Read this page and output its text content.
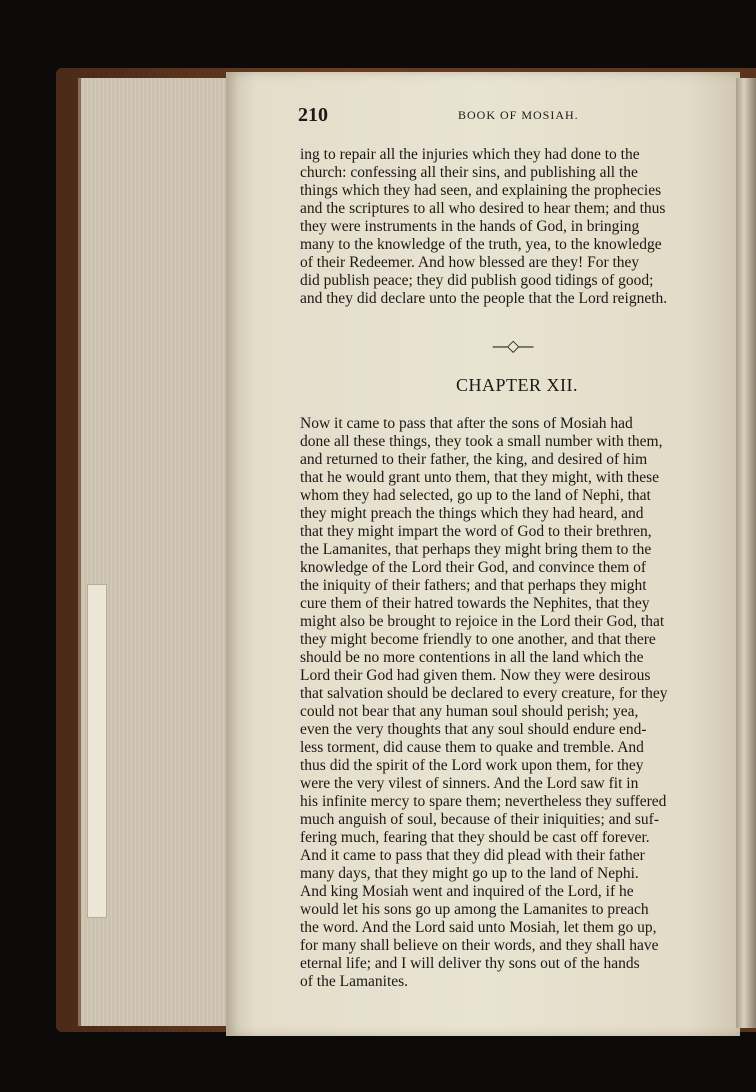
210	BOOK OF MOSIAH.
ing to repair all the injuries which they had done to the
church: confessing all their sins, and publishing all the
things which they had seen, and explaining the prophecies
and the scriptures to all who desired to hear them; and thus
they were instruments in the hands of God, in bringing
many to the knowledge of the truth, yea, to the knowledge
of their Redeemer. And how blessed are they! For they
did publish peace; they did publish good tidings of good;
and they did declare unto the people that the Lord reigneth.
—◇—
CHAPTER XII.
Now it came to pass that after the sons of Mosiah had
done all these things, they took a small number with them,
and returned to their father, the king, and desired of him
that he would grant unto them, that they might, with these
whom they had selected, go up to the land of Nephi, that
they might preach the things which they had heard, and
that they might impart the word of God to their brethren,
the Lamanites, that perhaps they might bring them to the
knowledge of the Lord their God, and convince them of
the iniquity of their fathers; and that perhaps they might
cure them of their hatred towards the Nephites, that they
might also be brought to rejoice in the Lord their God, that
they might become friendly to one another, and that there
should be no more contentions in all the land which the
Lord their God had given them. Now they were desirous
that salvation should be declared to every creature, for they
could not bear that any human soul should perish; yea,
even the very thoughts that any soul should endure end-
less torment, did cause them to quake and tremble. And
thus did the spirit of the Lord work upon them, for they
were the very vilest of sinners. And the Lord saw fit in
his infinite mercy to spare them; nevertheless they suffered
much anguish of soul, because of their iniquities; and suf-
fering much, fearing that they should be cast off forever.
And it came to pass that they did plead with their father
many days, that they might go up to the land of Nephi.
And king Mosiah went and inquired of the Lord, if he
would let his sons go up among the Lamanites to preach
the word. And the Lord said unto Mosiah, let them go up,
for many shall believe on their words, and they shall have
eternal life; and I will deliver thy sons out of the hands
of the Lamanites.
